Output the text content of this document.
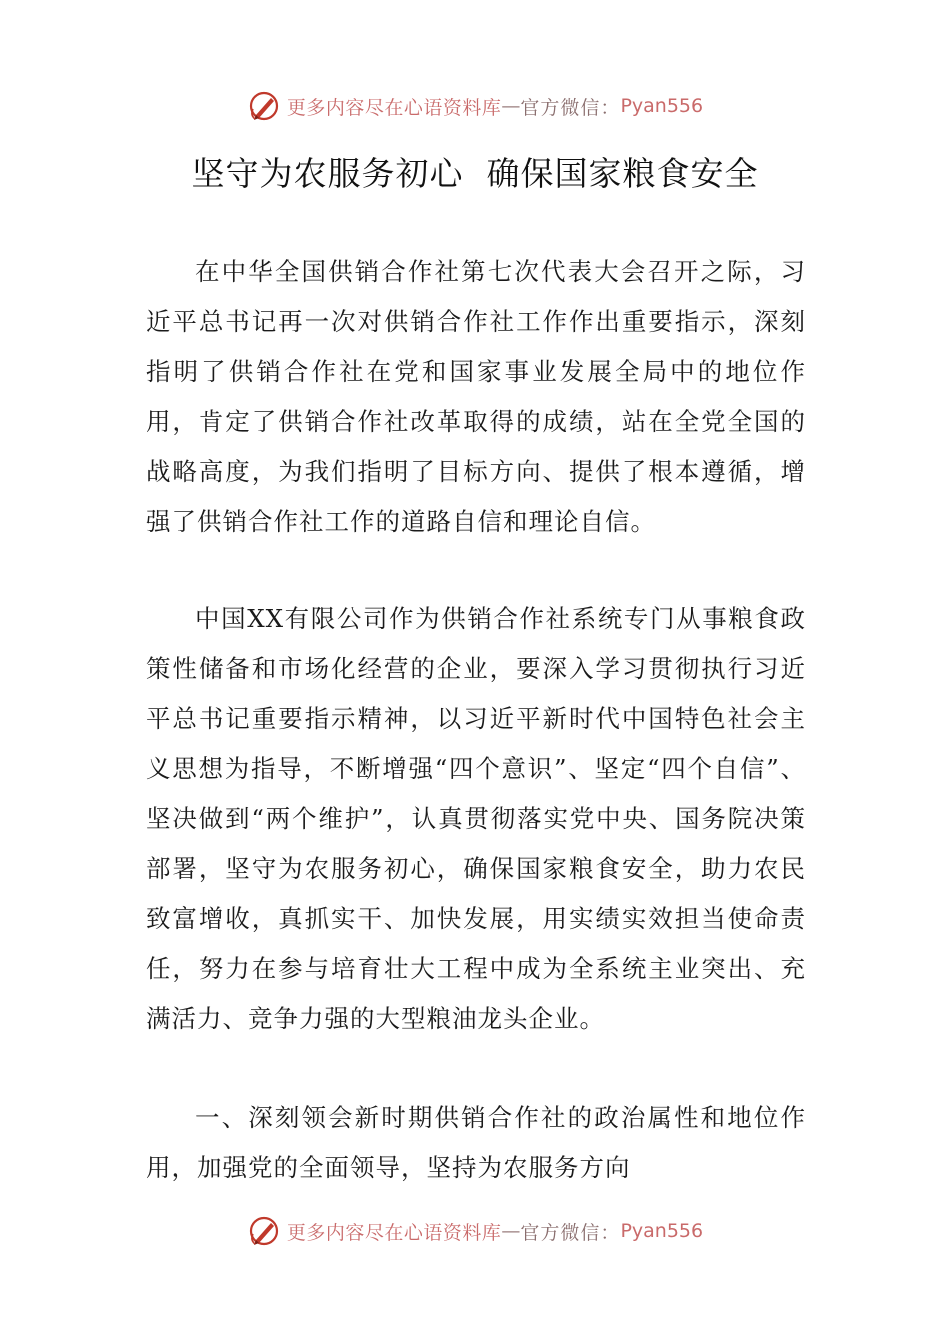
更多内容尽在心语资料库 — 官方微信： Pyan556
坚守为农服务初心  确保国家粮食安全

在中华全国供销合作社第七次代表大会召开之际，习近平总书记再一次对供销合作社工作作出重要指示，深刻指明了供销合作社在党和国家事业发展全局中的地位作用，肯定了供销合作社改革取得的成绩，站在全党全国的战略高度，为我们指明了目标方向、提供了根本遵循，增强了供销合作社工作的道路自信和理论自信。

中国XX有限公司作为供销合作社系统专门从事粮食政策性储备和市场化经营的企业，要深入学习贯彻执行习近平总书记重要指示精神，以习近平新时代中国特色社会主义思想为指导，不断增强“四个意识”、坚定“四个自信”、坚决做到“两个维护”，认真贯彻落实党中央、国务院决策部署，坚守为农服务初心，确保国家粮食安全，助力农民致富增收，真抓实干、加快发展，用实绩实效担当使命责任，努力在参与培育壮大工程中成为全系统主业突出、充满活力、竞争力强的大型粮油龙头企业。

一、深刻领会新时期供销合作社的政治属性和地位作用，加强党的全面领导，坚持为农服务方向

更多内容尽在心语资料库 — 官方微信： Pyan556
